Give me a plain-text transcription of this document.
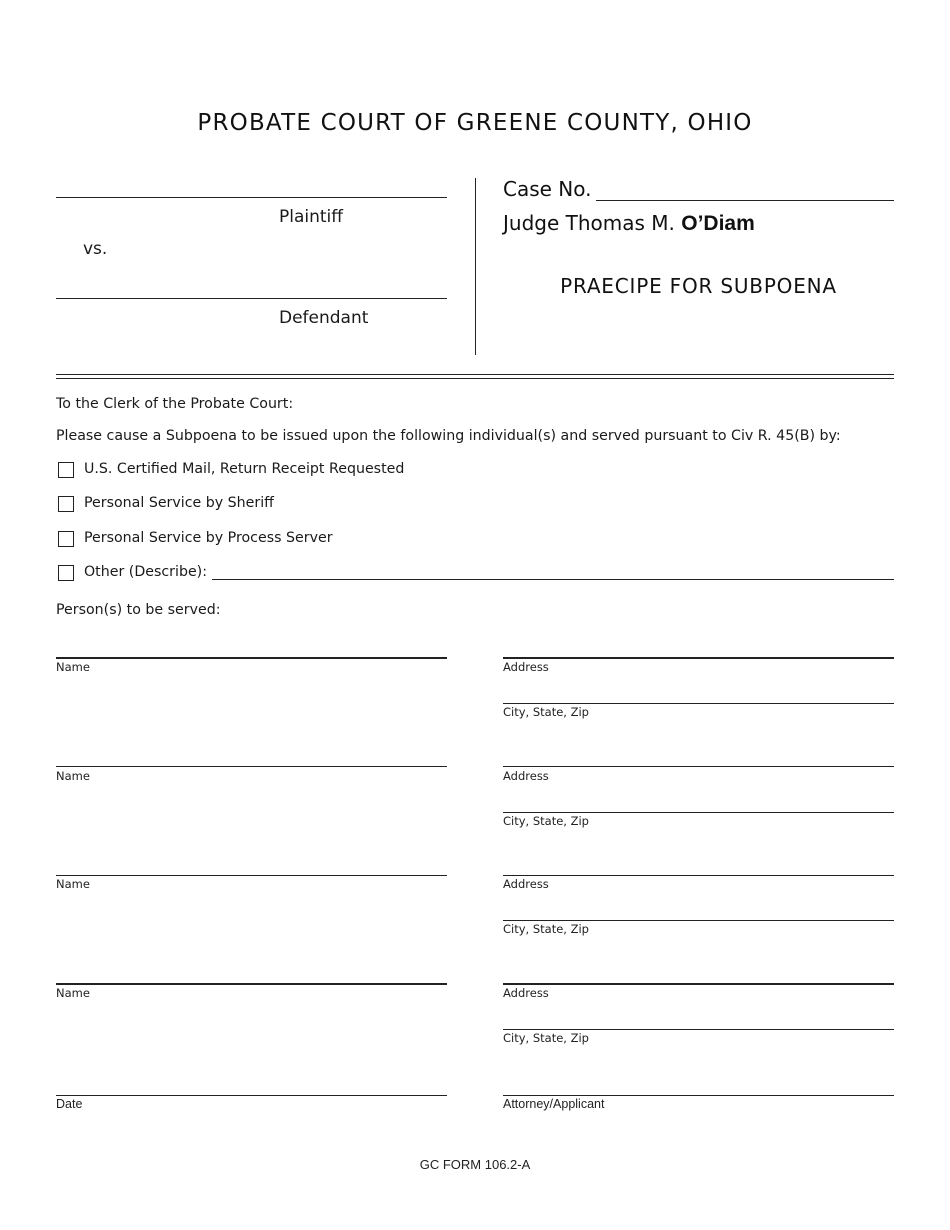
PROBATE COURT OF GREENE COUNTY, OHIO
Plaintiff
vs.
Defendant
Case No.
Judge Thomas M. O’Diam
PRAECIPE FOR SUBPOENA
To the Clerk of the Probate Court:
Please cause a Subpoena to be issued upon the following individual(s) and served pursuant to Civ R. 45(B) by:
U.S. Certified Mail, Return Receipt Requested
Personal Service by Sheriff
Personal Service by Process Server
Other (Describe):
Person(s) to be served:
Name	Address
City, State, Zip
Name	Address
City, State, Zip
Name	Address
City, State, Zip
Name	Address
City, State, Zip
Date	Attorney/Applicant
GC FORM 106.2-A
